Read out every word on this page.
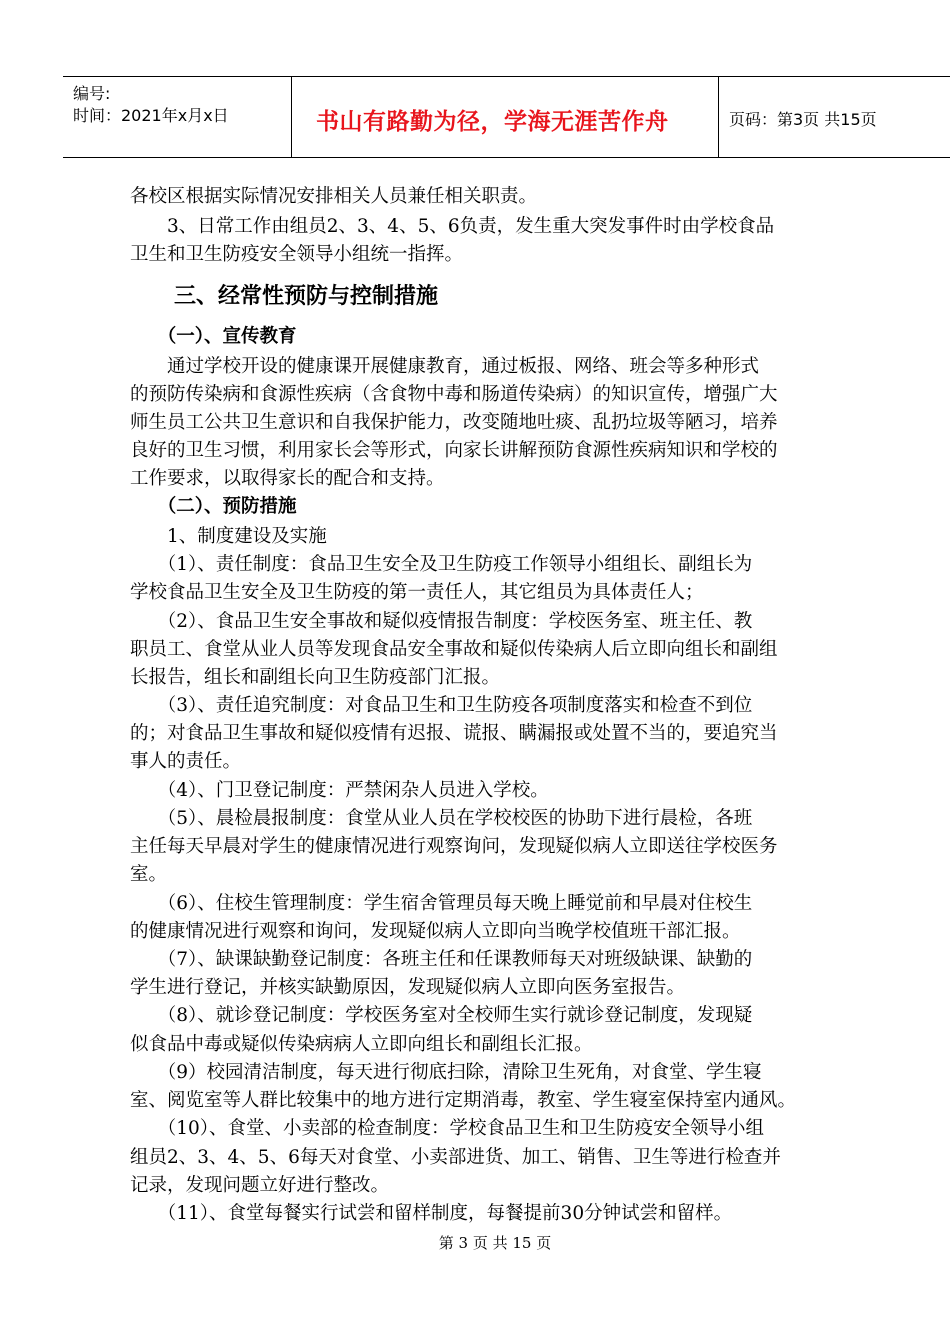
编号:
时间：2021年x月x日	书山有路勤为径，学海无涯苦作舟	页码：第3页 共15页
各校区根据实际情况安排相关人员兼任相关职责。
　　3、日常工作由组员2、3、4、5、6负责，发生重大突发事件时由学校食品
卫生和卫生防疫安全领导小组统一指挥。
　　三、经常性预防与控制措施
　　（一）、宣传教育
　　通过学校开设的健康课开展健康教育，通过板报、网络、班会等多种形式
的预防传染病和食源性疾病（含食物中毒和肠道传染病）的知识宣传，增强广大
师生员工公共卫生意识和自我保护能力，改变随地吐痰、乱扔垃圾等陋习，培养
良好的卫生习惯，利用家长会等形式，向家长讲解预防食源性疾病知识和学校的
工作要求，以取得家长的配合和支持。
　　（二）、预防措施
　　1、制度建设及实施
　　（1）、责任制度：食品卫生安全及卫生防疫工作领导小组组长、副组长为
学校食品卫生安全及卫生防疫的第一责任人，其它组员为具体责任人；
　　（2）、食品卫生安全事故和疑似疫情报告制度：学校医务室、班主任、教
职员工、食堂从业人员等发现食品安全事故和疑似传染病人后立即向组长和副组
长报告，组长和副组长向卫生防疫部门汇报。
　　（3）、责任追究制度：对食品卫生和卫生防疫各项制度落实和检查不到位
的；对食品卫生事故和疑似疫情有迟报、谎报、瞒漏报或处置不当的，要追究当
事人的责任。
　　（4）、门卫登记制度：严禁闲杂人员进入学校。
　　（5）、晨检晨报制度：食堂从业人员在学校校医的协助下进行晨检，各班
主任每天早晨对学生的健康情况进行观察询问，发现疑似病人立即送往学校医务
室。
　　（6）、住校生管理制度：学生宿舍管理员每天晚上睡觉前和早晨对住校生
的健康情况进行观察和询问，发现疑似病人立即向当晚学校值班干部汇报。
　　（7）、缺课缺勤登记制度：各班主任和任课教师每天对班级缺课、缺勤的
学生进行登记，并核实缺勤原因，发现疑似病人立即向医务室报告。
　　（8）、就诊登记制度：学校医务室对全校师生实行就诊登记制度，发现疑
似食品中毒或疑似传染病病人立即向组长和副组长汇报。
　　（9）校园清洁制度，每天进行彻底扫除，清除卫生死角，对食堂、学生寝
室、阅览室等人群比较集中的地方进行定期消毒，教室、学生寝室保持室内通风。
　　（10）、食堂、小卖部的检查制度：学校食品卫生和卫生防疫安全领导小组
组员2、3、4、5、6每天对食堂、小卖部进货、加工、销售、卫生等进行检查并
记录，发现问题立好进行整改。
　　（11）、食堂每餐实行试尝和留样制度，每餐提前30分钟试尝和留样。
第 3 页 共 15 页
